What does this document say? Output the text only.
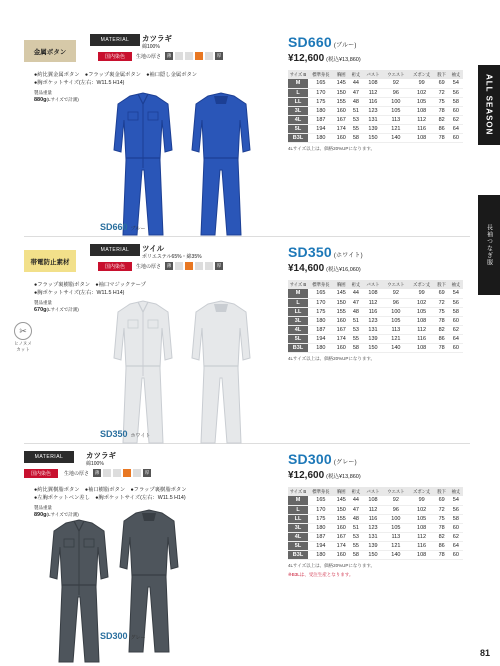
ALL SEASON
長袖つなぎ服
金属ボタン
MATERIAL	カツラギ
綿100%
国内染色	生地の厚さ	薄	厚
●約比翼金属ボタン　●フラップ裏金属ボタン　●袖口隠し金属ボタン
●胸ポケットサイズ(左右：W11.5 H14)
製品重量
880g(Lサイズで計測)
SD660 ブルー
SD660 (ブルー)
¥12,600 (税込¥13,860)
サイズ B	標準身長	胸囲	裄丈	バスト	ウエスト	ズボン丈	股下	袖丈
M	165	145	44	108	92	99	69	54
L	170	150	47	112	96	102	72	56
LL	175	155	48	116	100	105	75	58
3L	180	160	51	123	105	108	78	60
4L	187	167	53	131	113	112	82	62
5L	194	174	55	139	121	116	86	64
B3L	180	160	58	150	140	108	78	60
4Lサイズ以上は、価格20%UPになります。
帯電防止素材
MATERIAL	ツイル
ポリエステル65%・綿35%
国内染色	生地の厚さ	薄	厚
●フラップ裏樹脂ボタン　●袖口マジックテープ
●胸ポケットサイズ(左右：W11.5 H14)
製品重量
670g(Lサイズで計測)
✂
ヒノヌメ
カット
SD350 ホワイト
SD350 (ホワイト)
¥14,600 (税込¥16,060)
サイズ B	標準身長	胸囲	裄丈	バスト	ウエスト	ズボン丈	股下	袖丈
M	165	145	44	108	92	99	69	54
L	170	150	47	112	96	102	72	56
LL	175	155	48	116	100	105	75	58
3L	180	160	51	123	105	108	78	60
4L	187	167	53	131	113	112	82	62
5L	194	174	55	139	121	116	86	64
B3L	180	160	58	150	140	108	78	60
4Lサイズ以上は、価格20%UPになります。
MATERIAL	カツラギ
綿100%
国内染色	生地の厚さ	薄	厚
●約比翼樹脂ボタン　●袖口樹脂ボタン　●フラップ裏樹脂ボタン
●左胸ポケットペン差し　●胸ポケットサイズ(左右：W11.5 H14)
製品重量
890g(Lサイズで計測)
SD300 グレー
SD300 (グレー)
¥12,600 (税込¥13,860)
サイズ B	標準身長	胸囲	裄丈	バスト	ウエスト	ズボン丈	股下	袖丈
M	165	145	44	108	92	99	69	54
L	170	150	47	112	96	102	72	56
LL	175	155	48	116	100	105	75	58
3L	180	160	51	123	105	108	78	60
4L	187	167	53	131	113	112	82	62
5L	194	174	55	139	121	116	86	64
B3L	180	160	58	150	140	108	78	60
4Lサイズ以上は、価格20%UPになります。
※B3Lは、受注生産となります。
81
